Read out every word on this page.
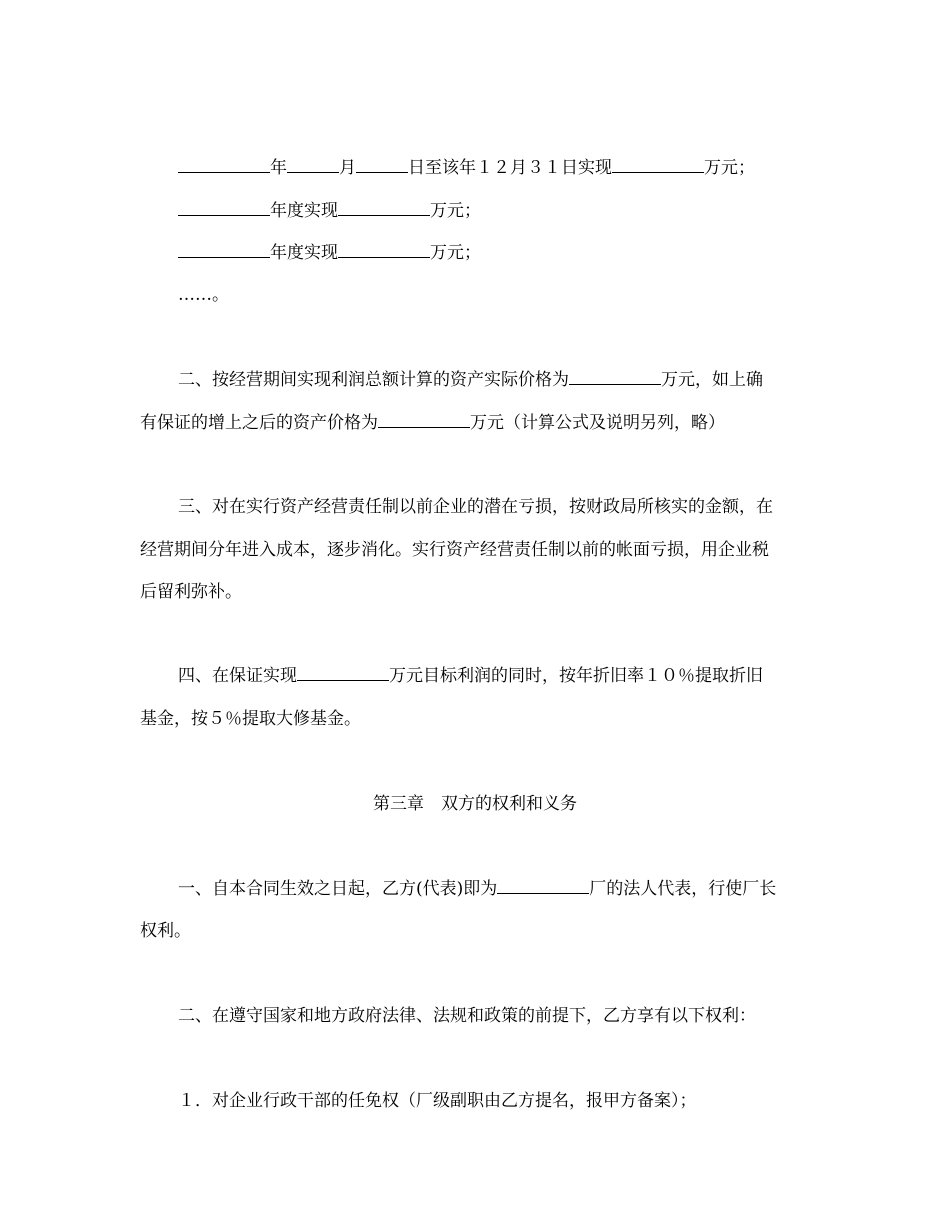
年	月	日至该年１２月３１日实现	万元；
年度实现	万元；
年度实现	万元；
……。
二、按经营期间实现利润总额计算的资产实际价格为	万元，如上确
有保证的增上之后的资产价格为	万元（计算公式及说明另列，略）
三、对在实行资产经营责任制以前企业的潜在亏损，按财政局所核实的金额，在
经营期间分年进入成本，逐步消化。实行资产经营责任制以前的帐面亏损，用企业税
后留利弥补。
四、在保证实现	万元目标利润的同时，按年折旧率１０％提取折旧
基金，按５％提取大修基金。
第三章　双方的权利和义务
一、自本合同生效之日起，乙方(代表)即为	厂的法人代表，行使厂长
权利。
二、在遵守国家和地方政府法律、法规和政策的前提下，乙方享有以下权利：
１．对企业行政干部的任免权（厂级副职由乙方提名，报甲方备案）；
